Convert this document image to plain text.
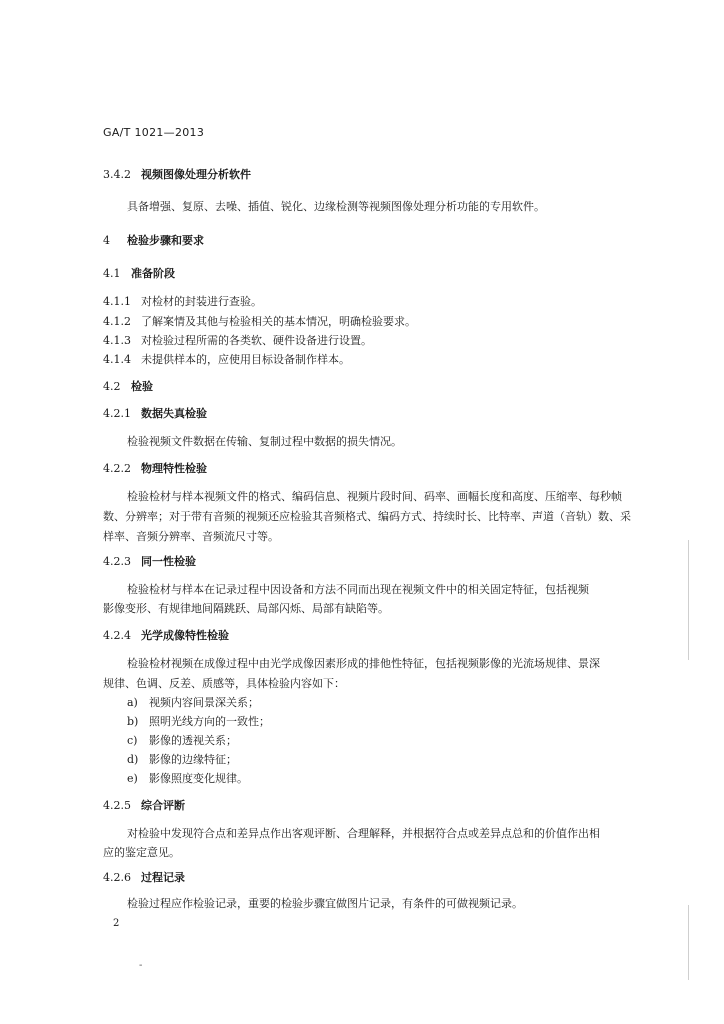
GA/T 1021—2013
3.4.2 视频图像处理分析软件
具备增强、复原、去噪、插值、锐化、边缘检测等视频图像处理分析功能的专用软件。
4 检验步骤和要求
4.1 准备阶段
4.1.1 对检材的封装进行查验。
4.1.2 了解案情及其他与检验相关的基本情况，明确检验要求。
4.1.3 对检验过程所需的各类软、硬件设备进行设置。
4.1.4 未提供样本的，应使用目标设备制作样本。
4.2 检验
4.2.1 数据失真检验
检验视频文件数据在传输、复制过程中数据的损失情况。
4.2.2 物理特性检验
检验检材与样本视频文件的格式、编码信息、视频片段时间、码率、画幅长度和高度、压缩率、每秒帧
数、分辨率；对于带有音频的视频还应检验其音频格式、编码方式、持续时长、比特率、声道（音轨）数、采
样率、音频分辨率、音频流尺寸等。
4.2.3 同一性检验
检验检材与样本在记录过程中因设备和方法不同而出现在视频文件中的相关固定特征，包括视频
影像变形、有规律地间隔跳跃、局部闪烁、局部有缺陷等。
4.2.4 光学成像特性检验
检验检材视频在成像过程中由光学成像因素形成的排他性特征，包括视频影像的光流场规律、景深
规律、色调、反差、质感等，具体检验内容如下：
a) 视频内容间景深关系；
b) 照明光线方向的一致性；
c) 影像的透视关系；
d) 影像的边缘特征；
e) 影像照度变化规律。
4.2.5 综合评断
对检验中发现符合点和差异点作出客观评断、合理解释，并根据符合点或差异点总和的价值作出相
应的鉴定意见。
4.2.6 过程记录
检验过程应作检验记录，重要的检验步骤宜做图片记录，有条件的可做视频记录。
2
-
